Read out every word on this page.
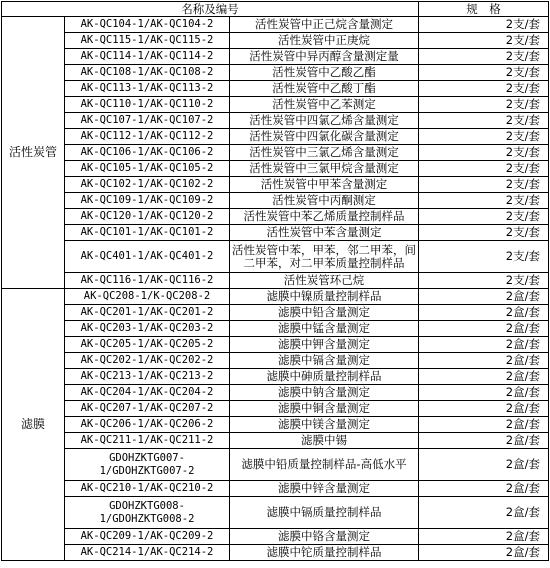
名称及编号			规　格
活性炭管	AK-QC104-1/AK-QC104-2	活性炭管中正己烷含量测定	2支/套
	AK-QC115-1/AK-QC115-2	活性炭管中正庚烷	2支/套
	AK-QC114-1/AK-QC114-2	活性炭管中异丙醇含量测定量	2支/套
	AK-QC108-1/AK-QC108-2	活性炭管中乙酸乙酯	2支/套
	AK-QC113-1/AK-QC113-2	活性炭管中乙酸丁酯	2支/套
	AK-QC110-1/AK-QC110-2	活性炭管中乙苯测定	2支/套
	AK-QC107-1/AK-QC107-2	活性炭管中四氯乙烯含量测定	2支/套
	AK-QC112-1/AK-QC112-2	活性炭管中四氯化碳含量测定	2支/套
	AK-QC106-1/AK-QC106-2	活性炭管中三氯乙烯含量测定	2支/套
	AK-QC105-1/AK-QC105-2	活性炭管中三氯甲烷含量测定	2支/套
	AK-QC102-1/AK-QC102-2	活性炭管中甲苯含量测定	2支/套
	AK-QC109-1/AK-QC109-2	活性炭管中丙酮测定	2支/套
	AK-QC120-1/AK-QC120-2	活性炭管中苯乙烯质量控制样品	2支/套
	AK-QC101-1/AK-QC101-2	活性炭管中苯含量测定	2支/套
	AK-QC401-1/AK-QC401-2	活性炭管中苯，甲苯，邻二甲苯，间二甲苯，对二甲苯质量控制样品	2支/套
	AK-QC116-1/AK-QC116-2	活性炭管环己烷	2支/套
滤膜	AK-QC208-1/K-QC208-2	滤膜中镍质量控制样品	2盒/套
	AK-QC201-1/AK-QC201-2	滤膜中铅含量测定	2盒/套
	AK-QC203-1/AK-QC203-2	滤膜中锰含量测定	2盒/套
	AK-QC205-1/AK-QC205-2	滤膜中钾含量测定	2盒/套
	AK-QC202-1/AK-QC202-2	滤膜中镉含量测定	2盒/套
	AK-QC213-1/AK-QC213-2	滤膜中砷质量控制样品	2盒/套
	AK-QC204-1/AK-QC204-2	滤膜中钠含量测定	2盒/套
	AK-QC207-1/AK-QC207-2	滤膜中铜含量测定	2盒/套
	AK-QC206-1/AK-QC206-2	滤膜中镁含量测定	2盒/套
	AK-QC211-1/AK-QC211-2	滤膜中锡	2盒/套
	GDOHZKTG007-1/GDOHZKTG007-2	滤膜中铅质量控制样品-高低水平	2盒/套
	AK-QC210-1/AK-QC210-2	滤膜中锌含量测定	2盒/套
	GDOHZKTG008-1/GDOHZKTG008-2	滤膜中镉质量控制样品	2盒/套
	AK-QC209-1/AK-QC209-2	滤膜中铬含量测定	2盒/套
	AK-QC214-1/AK-QC214-2	滤膜中铊质量控制样品	2盒/套
